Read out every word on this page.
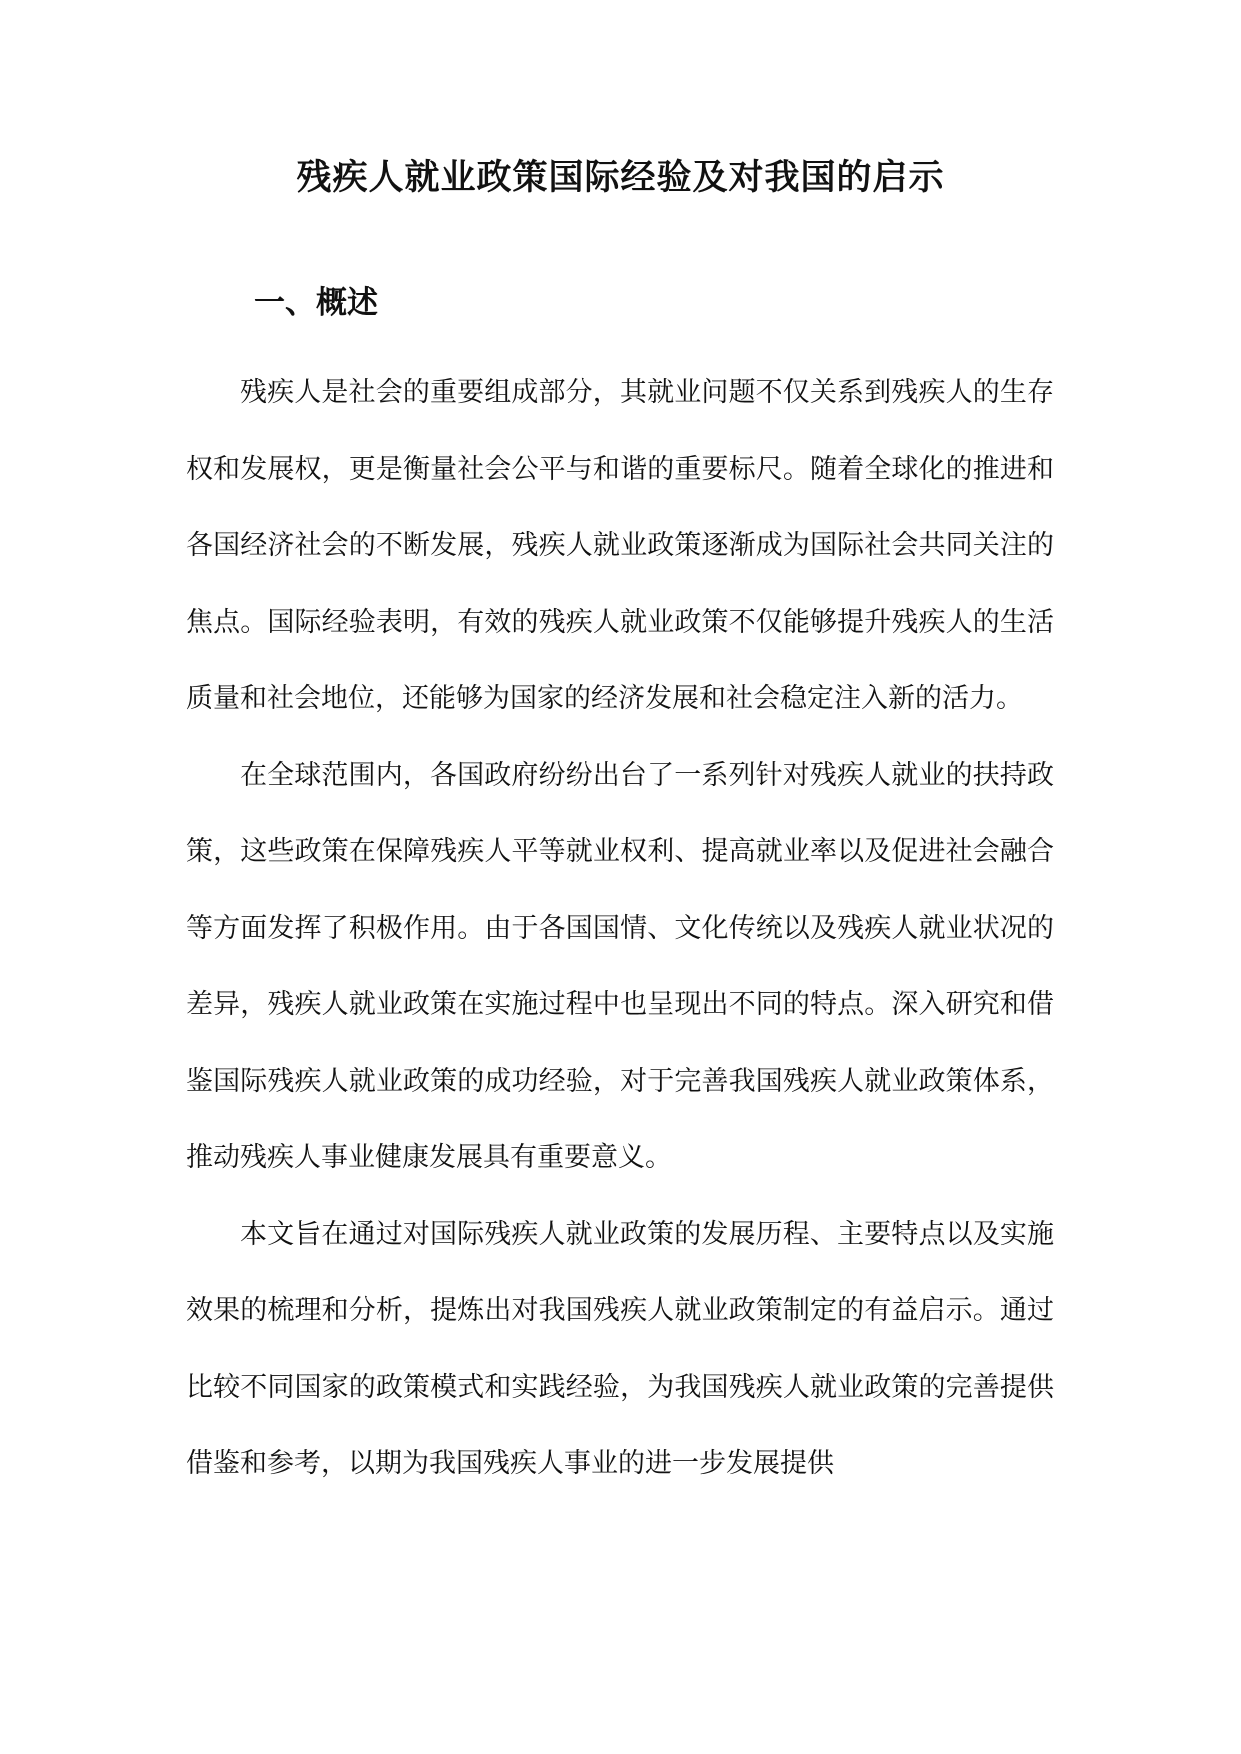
残疾人就业政策国际经验及对我国的启示
一、概述

残疾人是社会的重要组成部分，其就业问题不仅关系到残疾人的生存权和发展权，更是衡量社会公平与和谐的重要标尺。随着全球化的推进和各国经济社会的不断发展，残疾人就业政策逐渐成为国际社会共同关注的焦点。国际经验表明，有效的残疾人就业政策不仅能够提升残疾人的生活质量和社会地位，还能够为国家的经济发展和社会稳定注入新的活力。

在全球范围内，各国政府纷纷出台了一系列针对残疾人就业的扶持政策，这些政策在保障残疾人平等就业权利、提高就业率以及促进社会融合等方面发挥了积极作用。由于各国国情、文化传统以及残疾人就业状况的差异，残疾人就业政策在实施过程中也呈现出不同的特点。深入研究和借鉴国际残疾人就业政策的成功经验，对于完善我国残疾人就业政策体系，推动残疾人事业健康发展具有重要意义。

本文旨在通过对国际残疾人就业政策的发展历程、主要特点以及实施效果的梳理和分析，提炼出对我国残疾人就业政策制定的有益启示。通过比较不同国家的政策模式和实践经验，为我国残疾人就业政策的完善提供借鉴和参考，以期为我国残疾人事业的进一步发展提供
